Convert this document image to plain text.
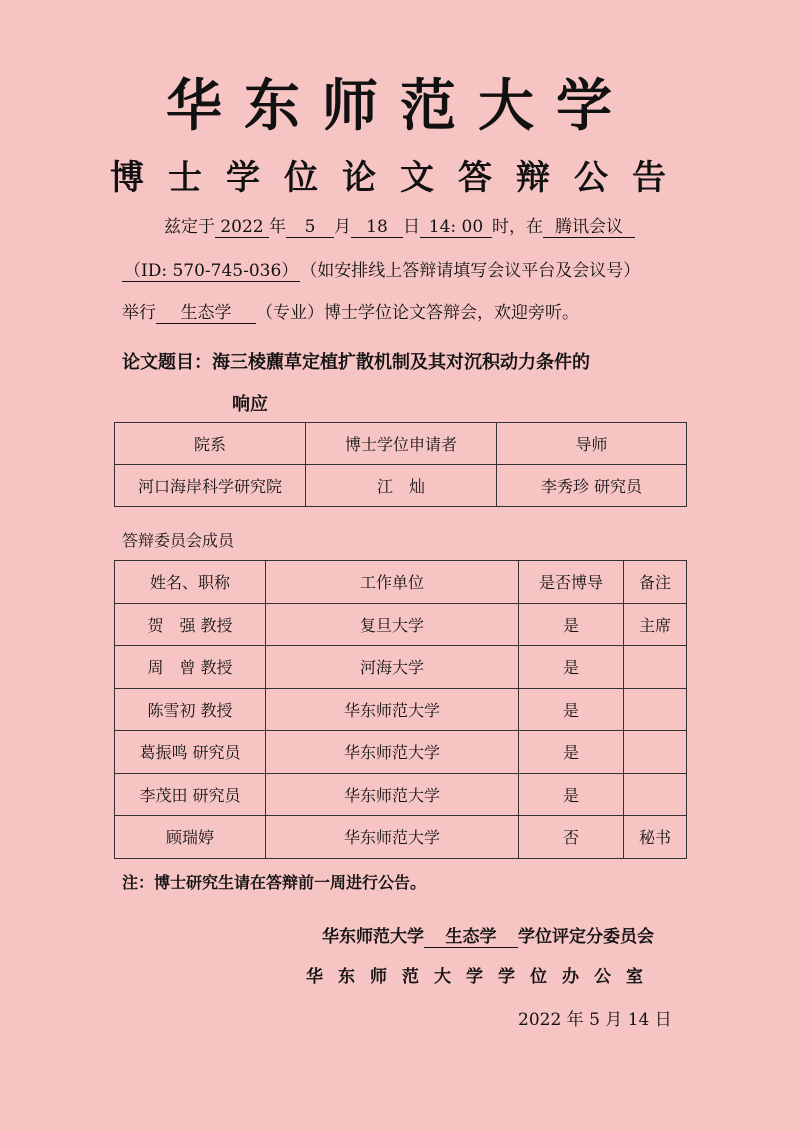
华东师范大学
博士学位论文答辩公告
兹定于 2022 年 5 月 18 日 14: 00 时，在 腾讯会议
（ID: 570-745-036） （如安排线上答辩请填写会议平台及会议号）
举行 生态学 （专业）博士学位论文答辩会，欢迎旁听。
论文题目：海三棱藨草定植扩散机制及其对沉积动力条件的
响应
院系	博士学位申请者	导师
河口海岸科学研究院	江　灿	李秀珍 研究员
答辩委员会成员
姓名、职称	工作单位	是否博导	备注
贺　强 教授	复旦大学	是	主席
周　曾 教授	河海大学	是	
陈雪初 教授	华东师范大学	是	
葛振鸣 研究员	华东师范大学	是	
李茂田 研究员	华东师范大学	是	
顾瑞婷	华东师范大学	否	秘书
注：博士研究生请在答辩前一周进行公告。
华东师范大学 生态学 学位评定分委员会
华东师范大学学位办公室
2022 年 5 月 14 日
